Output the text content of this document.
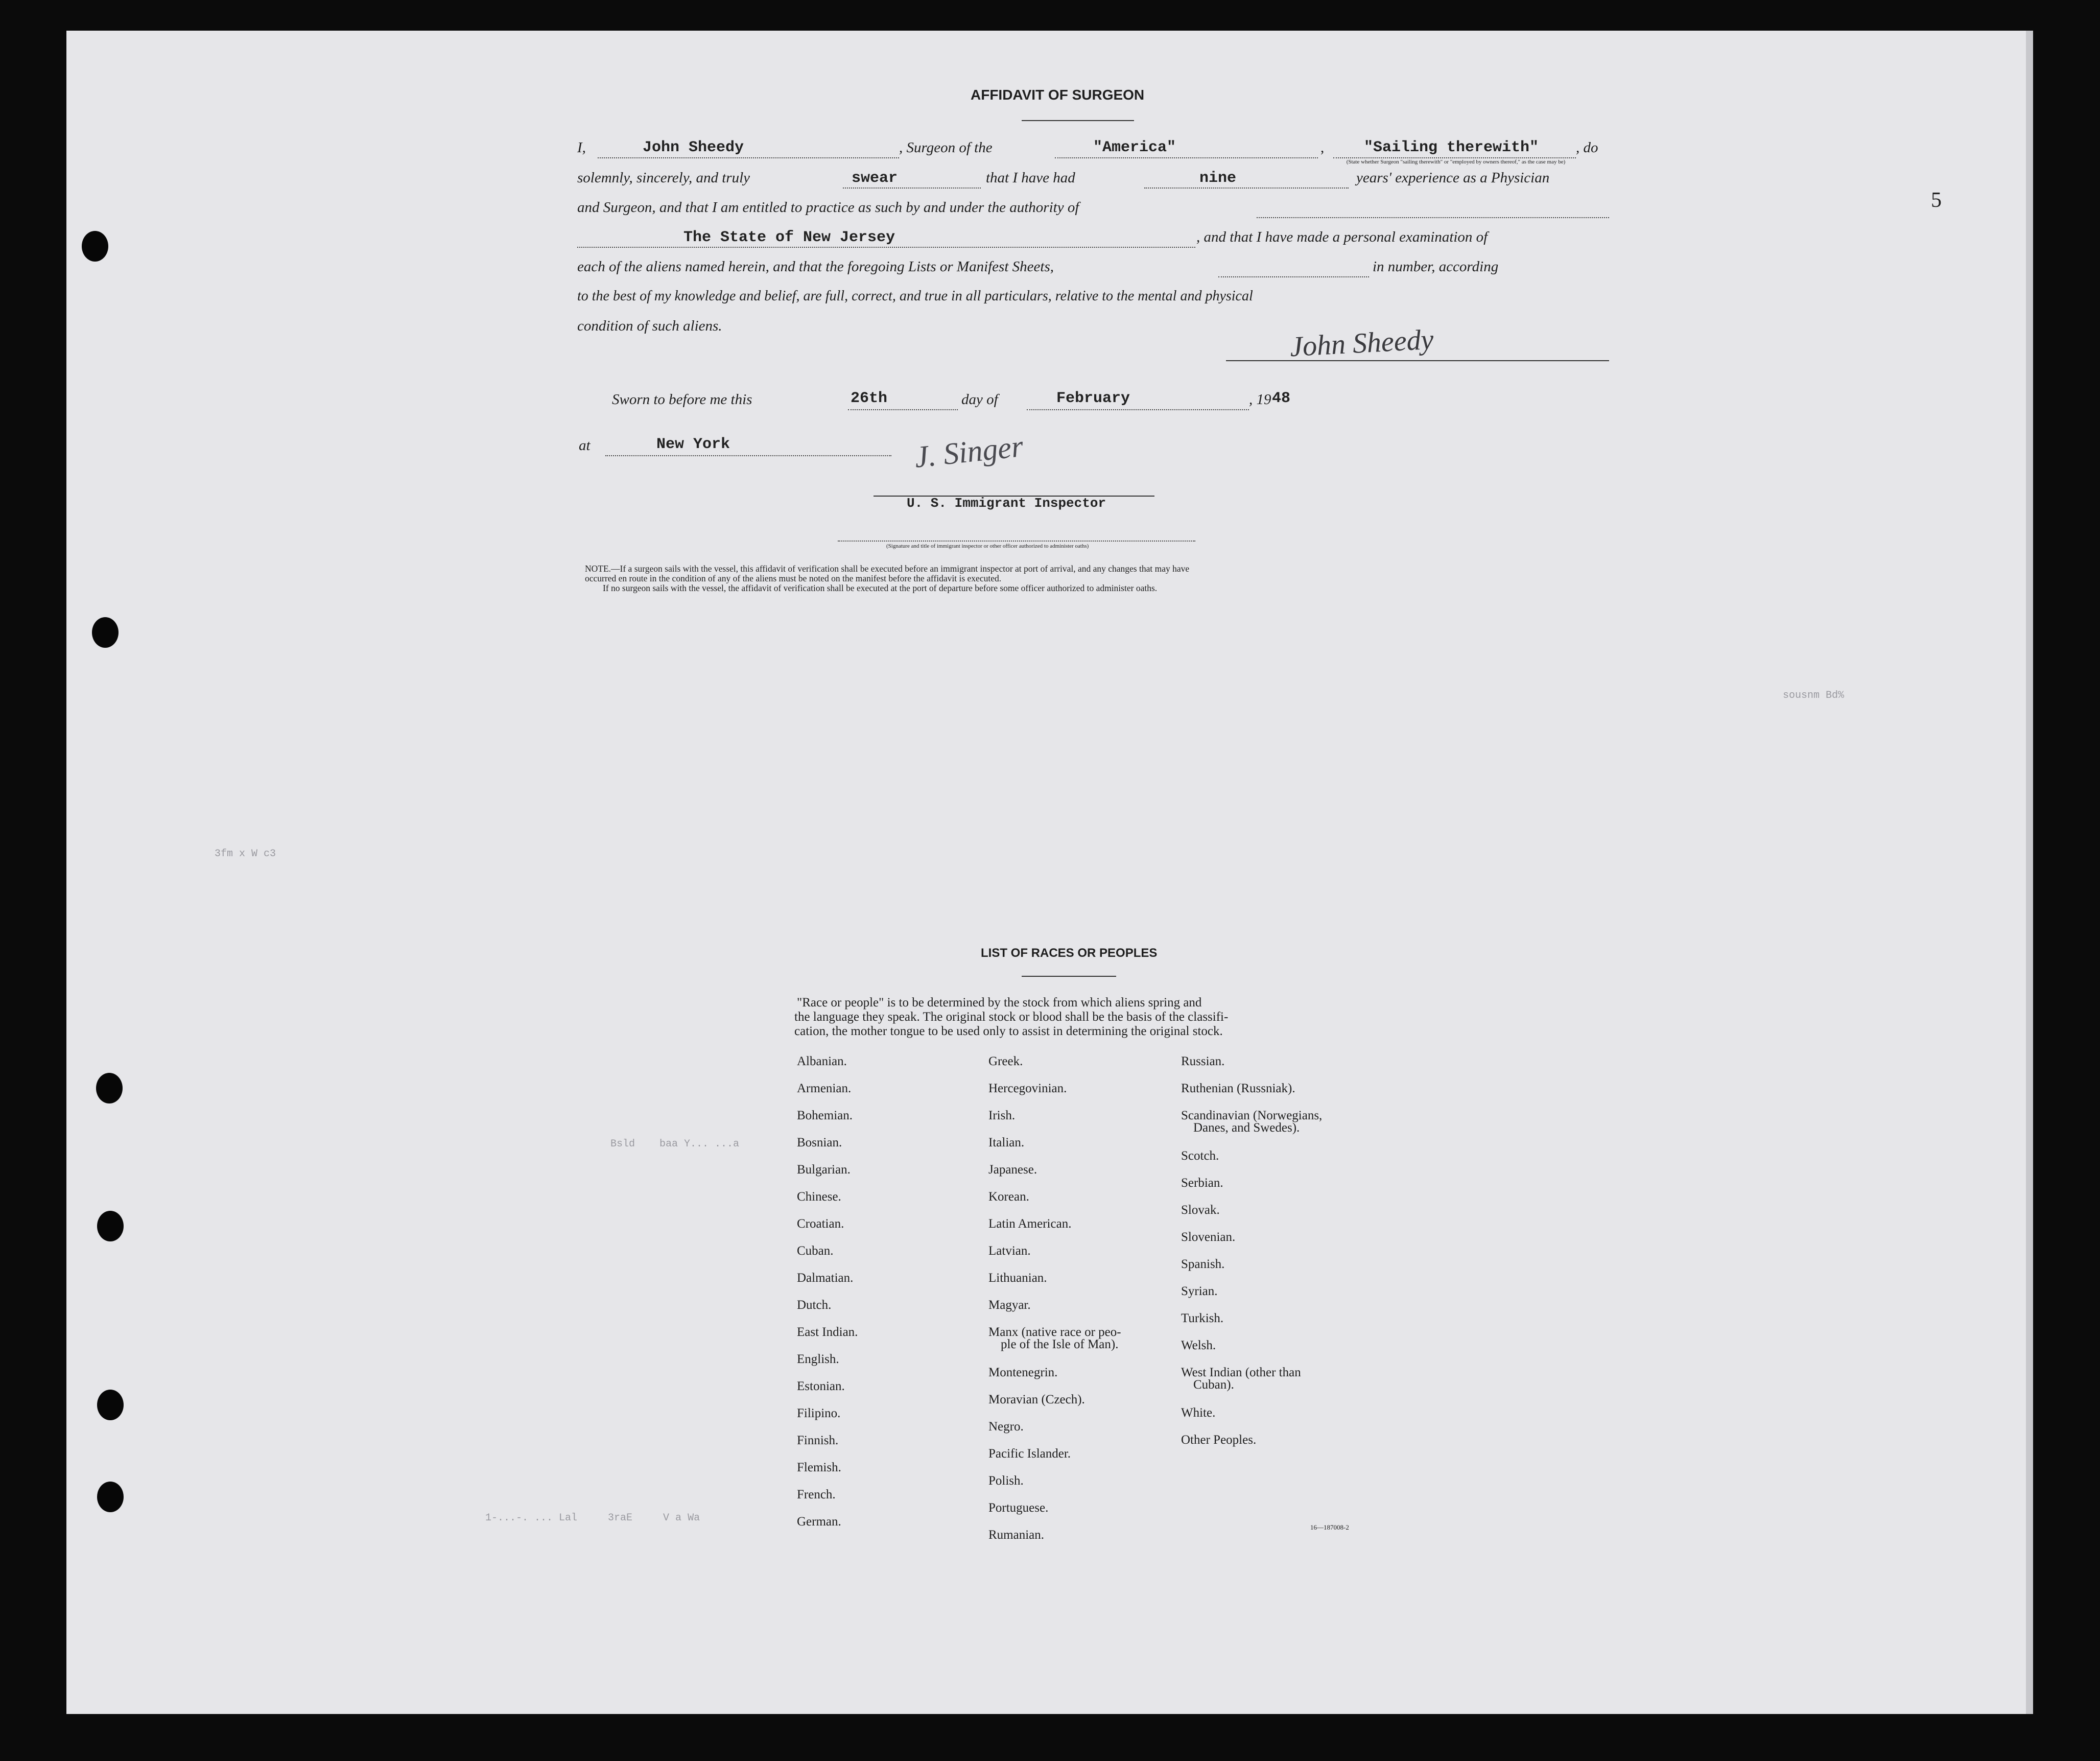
5
AFFIDAVIT OF SURGEON
I,	John Sheedy	, Surgeon of the	"America"	,	"Sailing therewith"	, do
(State whether Surgeon "sailing therewith" or "employed by owners thereof," as the case may be)
solemnly, sincerely, and truly	swear	that I have had	nine	years' experience as a Physician
and Surgeon, and that I am entitled to practice as such by and under the authority of
The State of New Jersey	, and that I have made a personal examination of
each of the aliens named herein, and that the foregoing Lists or Manifest Sheets,	in number, according
to the best of my knowledge and belief, are full, correct, and true in all particulars, relative to the mental and physical
condition of such aliens.	John Sheedy
Sworn to before me this	26th	day of	February	, 19 48
at	New York	J. Singer
U. S. Immigrant Inspector
(Signature and title of immigrant inspector or other officer authorized to administer oaths)
NOTE.—If a surgeon sails with the vessel, this affidavit of verification shall be executed before an immigrant inspector at port of arrival, and any changes that may have
occurred en route in the condition of any of the aliens must be noted on the manifest before the affidavit is executed.
If no surgeon sails with the vessel, the affidavit of verification shall be executed at the port of departure before some officer authorized to administer oaths.
3fm x W c3
Bsld    baa Y... ...a
sousnm Bd%
1-...-. ... Lal     3raE     V a Wa
LIST OF RACES OR PEOPLES
"Race or people" is to be determined by the stock from which aliens spring and
the language they speak. The original stock or blood shall be the basis of the classifi-
cation, the mother tongue to be used only to assist in determining the original stock.
Albanian.
Armenian.
Bohemian.
Bosnian.
Bulgarian.
Chinese.
Croatian.
Cuban.
Dalmatian.
Dutch.
East Indian.
English.
Estonian.
Filipino.
Finnish.
Flemish.
French.
German.
Greek.
Hercegovinian.
Irish.
Italian.
Japanese.
Korean.
Latin American.
Latvian.
Lithuanian.
Magyar.
Manx (native race or peo-
ple of the Isle of Man).
Montenegrin.
Moravian (Czech).
Negro.
Pacific Islander.
Polish.
Portuguese.
Rumanian.
Russian.
Ruthenian (Russniak).
Scandinavian (Norwegians,
Danes, and Swedes).
Scotch.
Serbian.
Slovak.
Slovenian.
Spanish.
Syrian.
Turkish.
Welsh.
West Indian (other than
Cuban).
White.
Other Peoples.
16—187008-2
